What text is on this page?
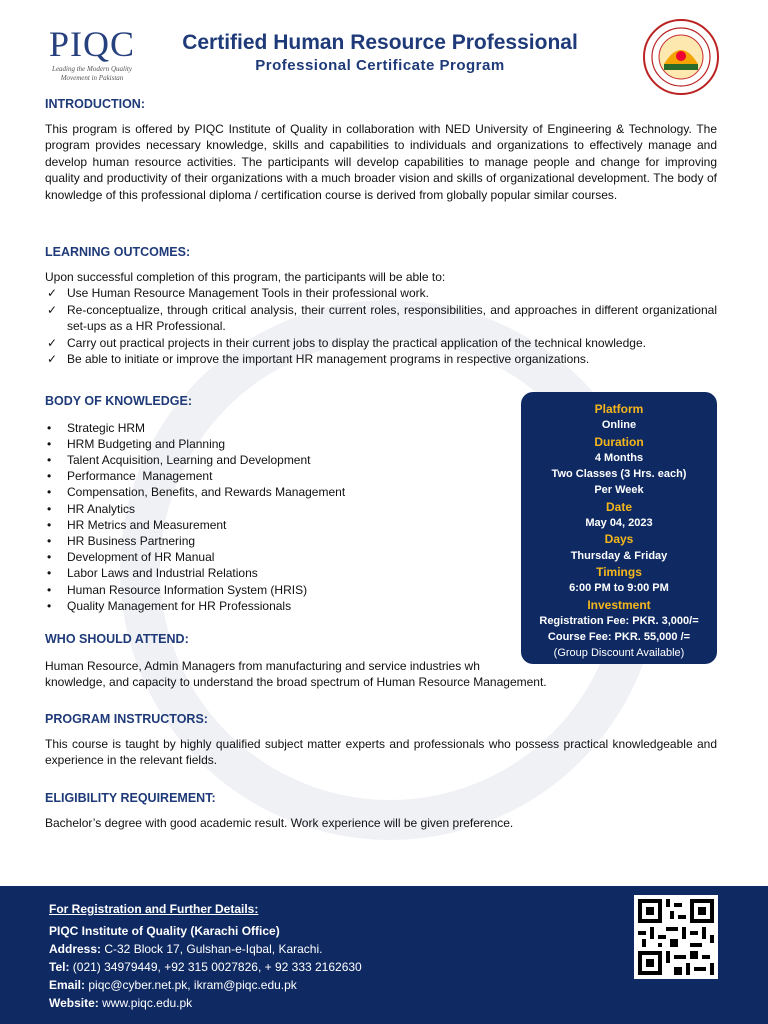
PIQC
Leading the Modern Quality Movement in Pakistan
Certified Human Resource Professional
Professional Certificate Program
INTRODUCTION:

This program is offered by PIQC Institute of Quality in collaboration with NED University of Engineering & Technology. The program provides necessary knowledge, skills and capabilities to individuals and organizations to effectively manage and develop human resource activities. The participants will develop capabilities to manage people and change for improving quality and productivity of their organizations with a much broader vision and skills of organizational development. The body of knowledge of this professional diploma / certification course is derived from globally popular similar courses.

LEARNING OUTCOMES:

Upon successful completion of this program, the participants will be able to:

✓ Use Human Resource Management Tools in their professional work.
✓ Re-conceptualize, through critical analysis, their current roles, responsibilities, and approaches in different organizational set-ups as a HR Professional.
✓ Carry out practical projects in their current jobs to display the practical application of the technical knowledge.
✓ Be able to initiate or improve the important HR management programs in respective organizations.
BODY OF KNOWLEDGE:
• Strategic HRM
• HRM Budgeting and Planning
• Talent Acquisition, Learning and Development
• Performance  Management
• Compensation, Benefits, and Rewards Management
• HR Analytics
• HR Metrics and Measurement
• HR Business Partnering
• Development of HR Manual
• Labor Laws and Industrial Relations
• Human Resource Information System (HRIS)
• Quality Management for HR Professionals
WHO SHOULD ATTEND:

Human Resource, Admin Managers from manufacturing and service industries wh

knowledge, and capacity to understand the broad spectrum of Human Resource Management.

PROGRAM INSTRUCTORS:

This course is taught by highly qualified subject matter experts and professionals who possess practical knowledgeable and experience in the relevant fields.

ELIGIBILITY REQUIREMENT:

Bachelor’s degree with good academic result. Work experience will be given preference.

Platform
Online
Duration
4 Months
Two Classes (3 Hrs. each)
Per Week
Date
May 04, 2023
Days
Thursday & Friday
Timings
6:00 PM to 9:00 PM
Investment
Registration Fee: PKR. 3,000/=
Course Fee: PKR. 55,000 /=
(Group Discount Available)
For Registration and Further Details:
PIQC Institute of Quality (Karachi Office)
Address: C-32 Block 17, Gulshan-e-Iqbal, Karachi.
Tel: (021) 34979449, +92 315 0027826, + 92 333 2162630
Email: piqc@cyber.net.pk, ikram@piqc.edu.pk
Website: www.piqc.edu.pk
